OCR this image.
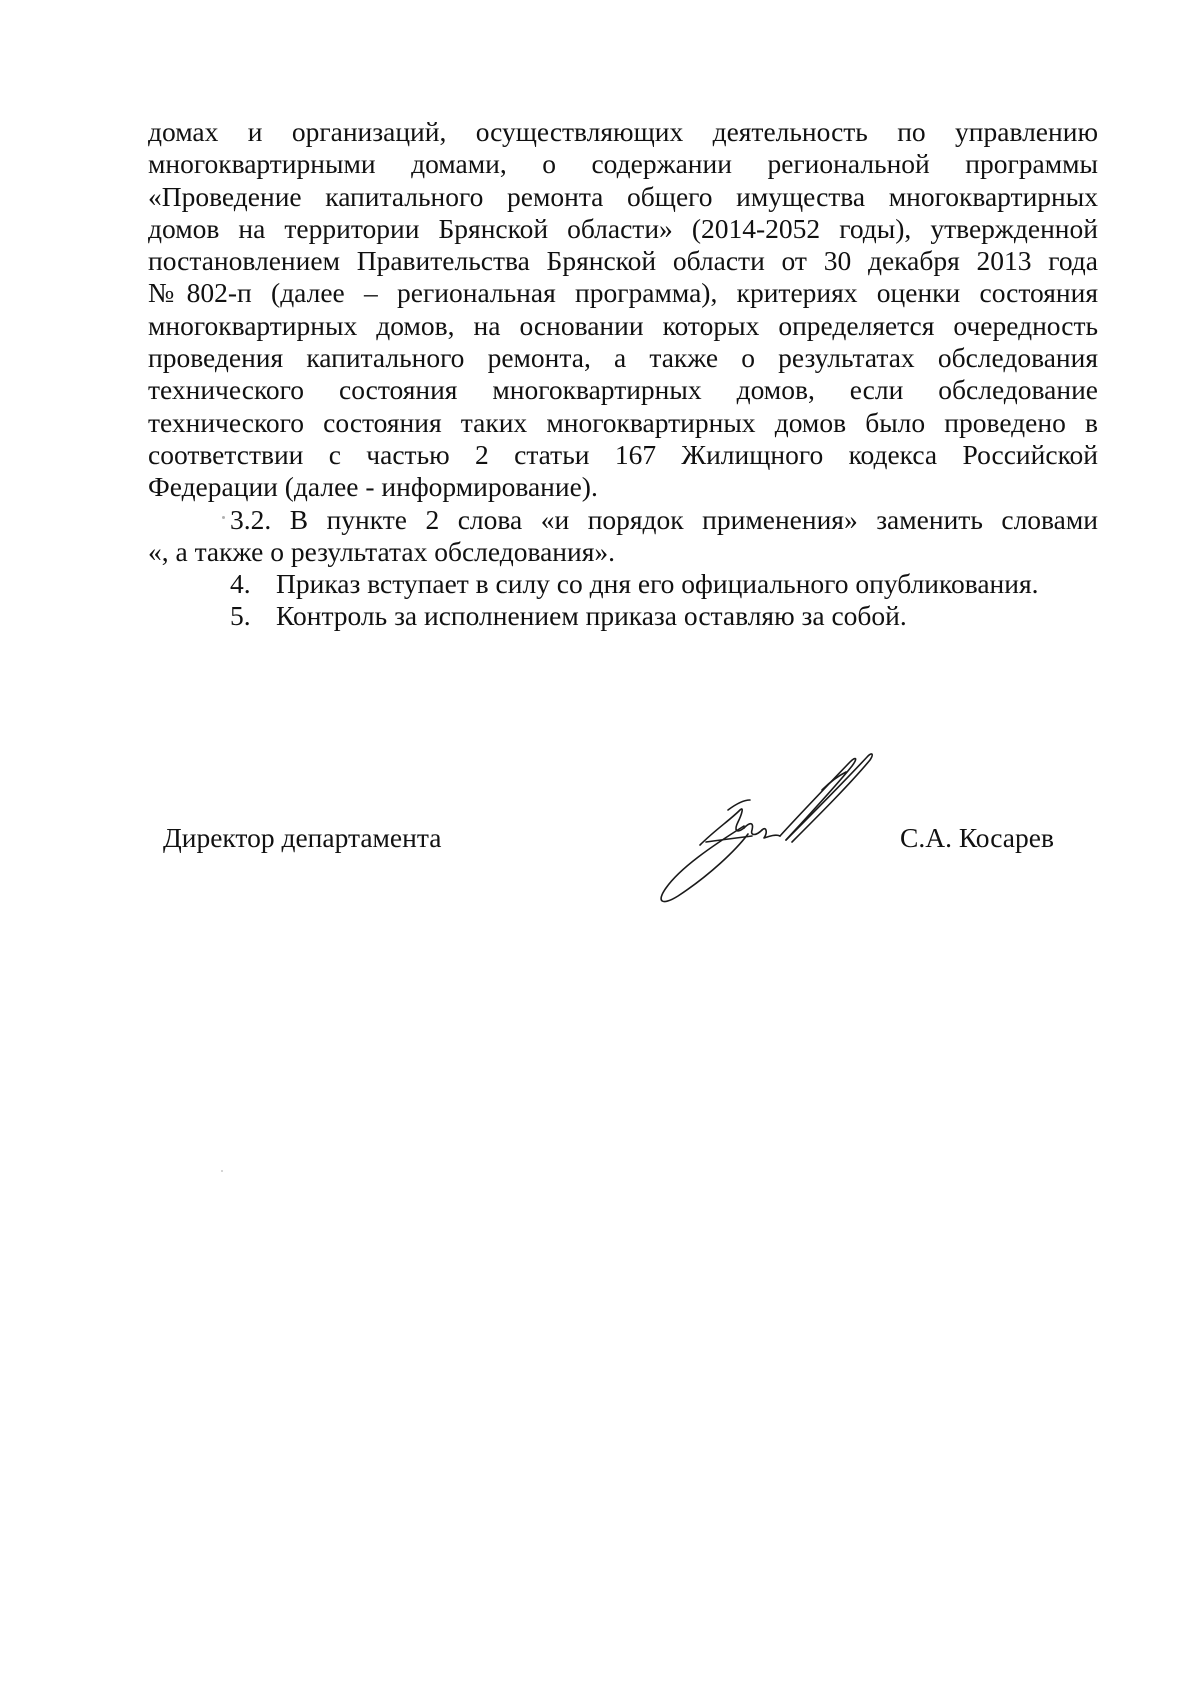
домах и организаций, осуществляющих деятельность по управлению
многоквартирными домами, о содержании региональной программы
«Проведение капитального ремонта общего имущества многоквартирных
домов на территории Брянской области» (2014-2052 годы), утвержденной
постановлением Правительства Брянской области от 30 декабря 2013 года
№802-п (далее – региональная программа), критериях оценки состояния
многоквартирных домов, на основании которых определяется очередность
проведения капитального ремонта, а также о результатах обследования
технического состояния многоквартирных домов, если обследование
технического состояния таких многоквартирных домов было проведено в
соответствии с частью 2 статьи 167 Жилищного кодекса Российской
Федерации (далее - информирование).
3.2. В пункте 2 слова «и порядок применения» заменить словами
«, а также о результатах обследования».
4. Приказ вступает в силу со дня его официального опубликования.
5. Контроль за исполнением приказа оставляю за собой.
Директор департамента	С.А. Косарев
